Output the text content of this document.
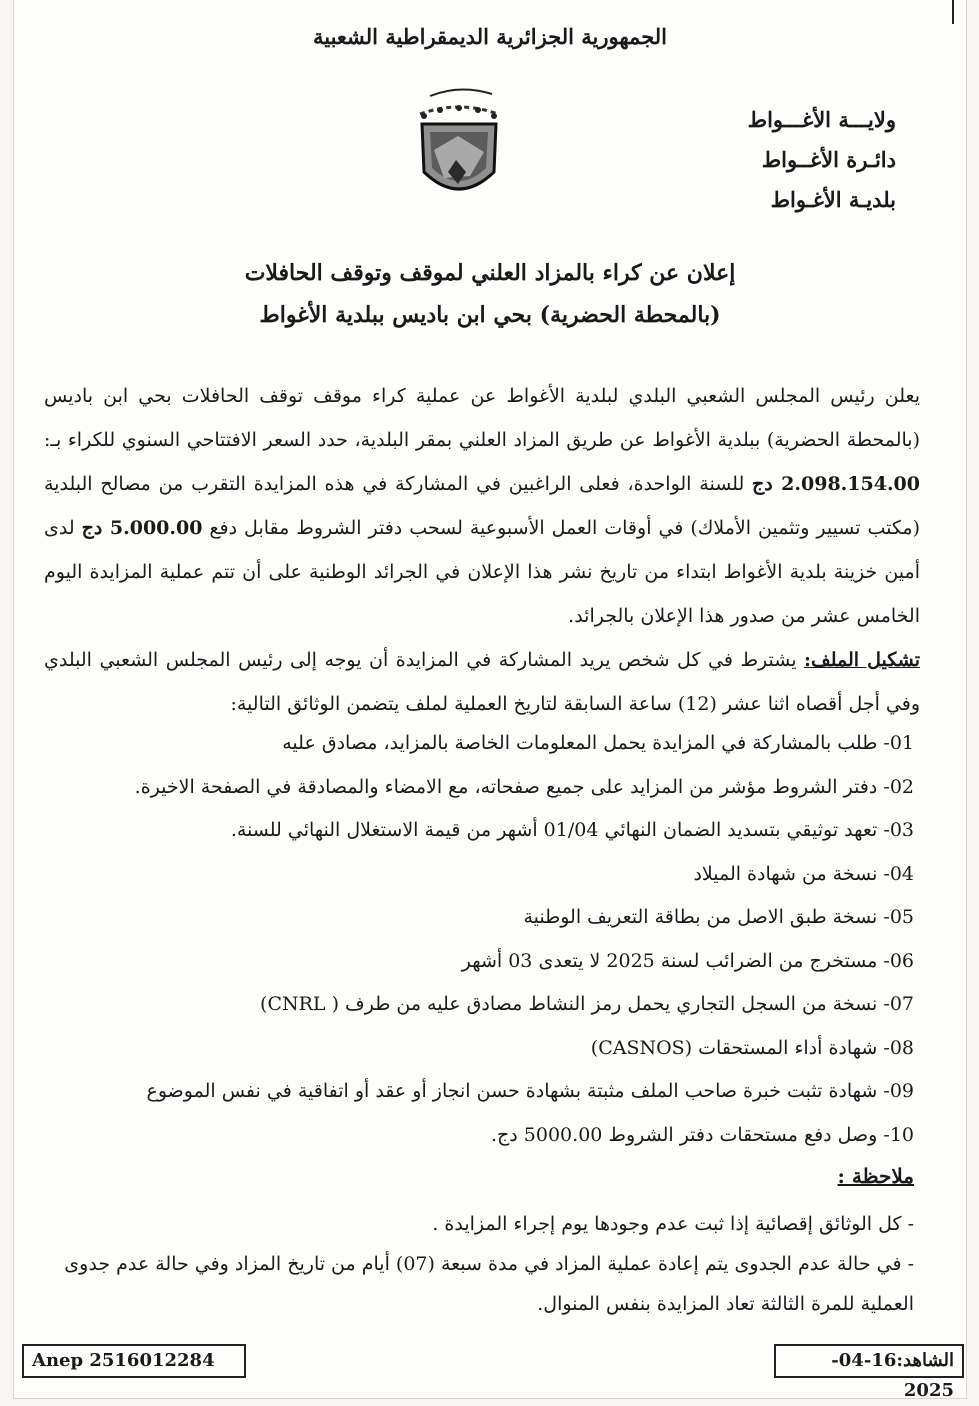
الجمهورية الجزائرية الديمقراطية الشعبية
ولايـــة الأغـــواط
دائـرة الأغــواط
بلديـة الأغـواط
إعلان عن كراء بالمزاد العلني لموقف وتوقف الحافلات
(بالمحطة الحضرية) بحي ابن باديس ببلدية الأغواط

يعلن رئيس المجلس الشعبي البلدي لبلدية الأغواط عن عملية كراء موقف توقف الحافلات بحي ابن باديس (بالمحطة الحضرية) ببلدية الأغواط عن طريق المزاد العلني بمقر البلدية، حدد السعر الافتتاحي السنوي للكراء بـ: 2.098.154.00 دج للسنة الواحدة، فعلى الراغبين في المشاركة في هذه المزايدة التقرب من مصالح البلدية (مكتب تسيير وتثمين الأملاك) في أوقات العمل الأسبوعية لسحب دفتر الشروط مقابل دفع 5.000.00 دج لدى أمين خزينة بلدية الأغواط ابتداء من تاريخ نشر هذا الإعلان في الجرائد الوطنية على أن تتم عملية المزايدة اليوم الخامس عشر من صدور هذا الإعلان بالجرائد.

تشكيل الملف: يشترط في كل شخص يريد المشاركة في المزايدة أن يوجه إلى رئيس المجلس الشعبي البلدي وفي أجل أقصاه اثنا عشر (12) ساعة السابقة لتاريخ العملية لملف يتضمن الوثائق التالية:

01- طلب بالمشاركة في المزايدة يحمل المعلومات الخاصة بالمزايد، مصادق عليه
02- دفتر الشروط مؤشر من المزايد على جميع صفحاته، مع الامضاء والمصادقة في الصفحة الاخيرة.
03- تعهد توثيقي بتسديد الضمان النهائي 01/04 أشهر من قيمة الاستغلال النهائي للسنة.
04- نسخة من شهادة الميلاد
05- نسخة طبق الاصل من بطاقة التعريف الوطنية
06- مستخرج من الضرائب لسنة 2025 لا يتعدى 03 أشهر
07- نسخة من السجل التجاري يحمل رمز النشاط مصادق عليه من طرف ( CNRL)
08- شهادة أداء المستحقات (CASNOS)
09- شهادة تثبت خبرة صاحب الملف مثبتة بشهادة حسن انجاز أو عقد أو اتفاقية في نفس الموضوع
10- وصل دفع مستحقات دفتر الشروط 5000.00 دج.
ملاحظة :
- كل الوثائق إقصائية إذا ثبت عدم وجودها يوم إجراء المزايدة .
- في حالة عدم الجدوى يتم إعادة عملية المزاد في مدة سبعة (07) أيام من تاريخ المزاد وفي حالة عدم جدوى العملية للمرة الثالثة تعاد المزايدة بنفس المنوال.
Anep 2516012284	الشاهد:16-04-2025
